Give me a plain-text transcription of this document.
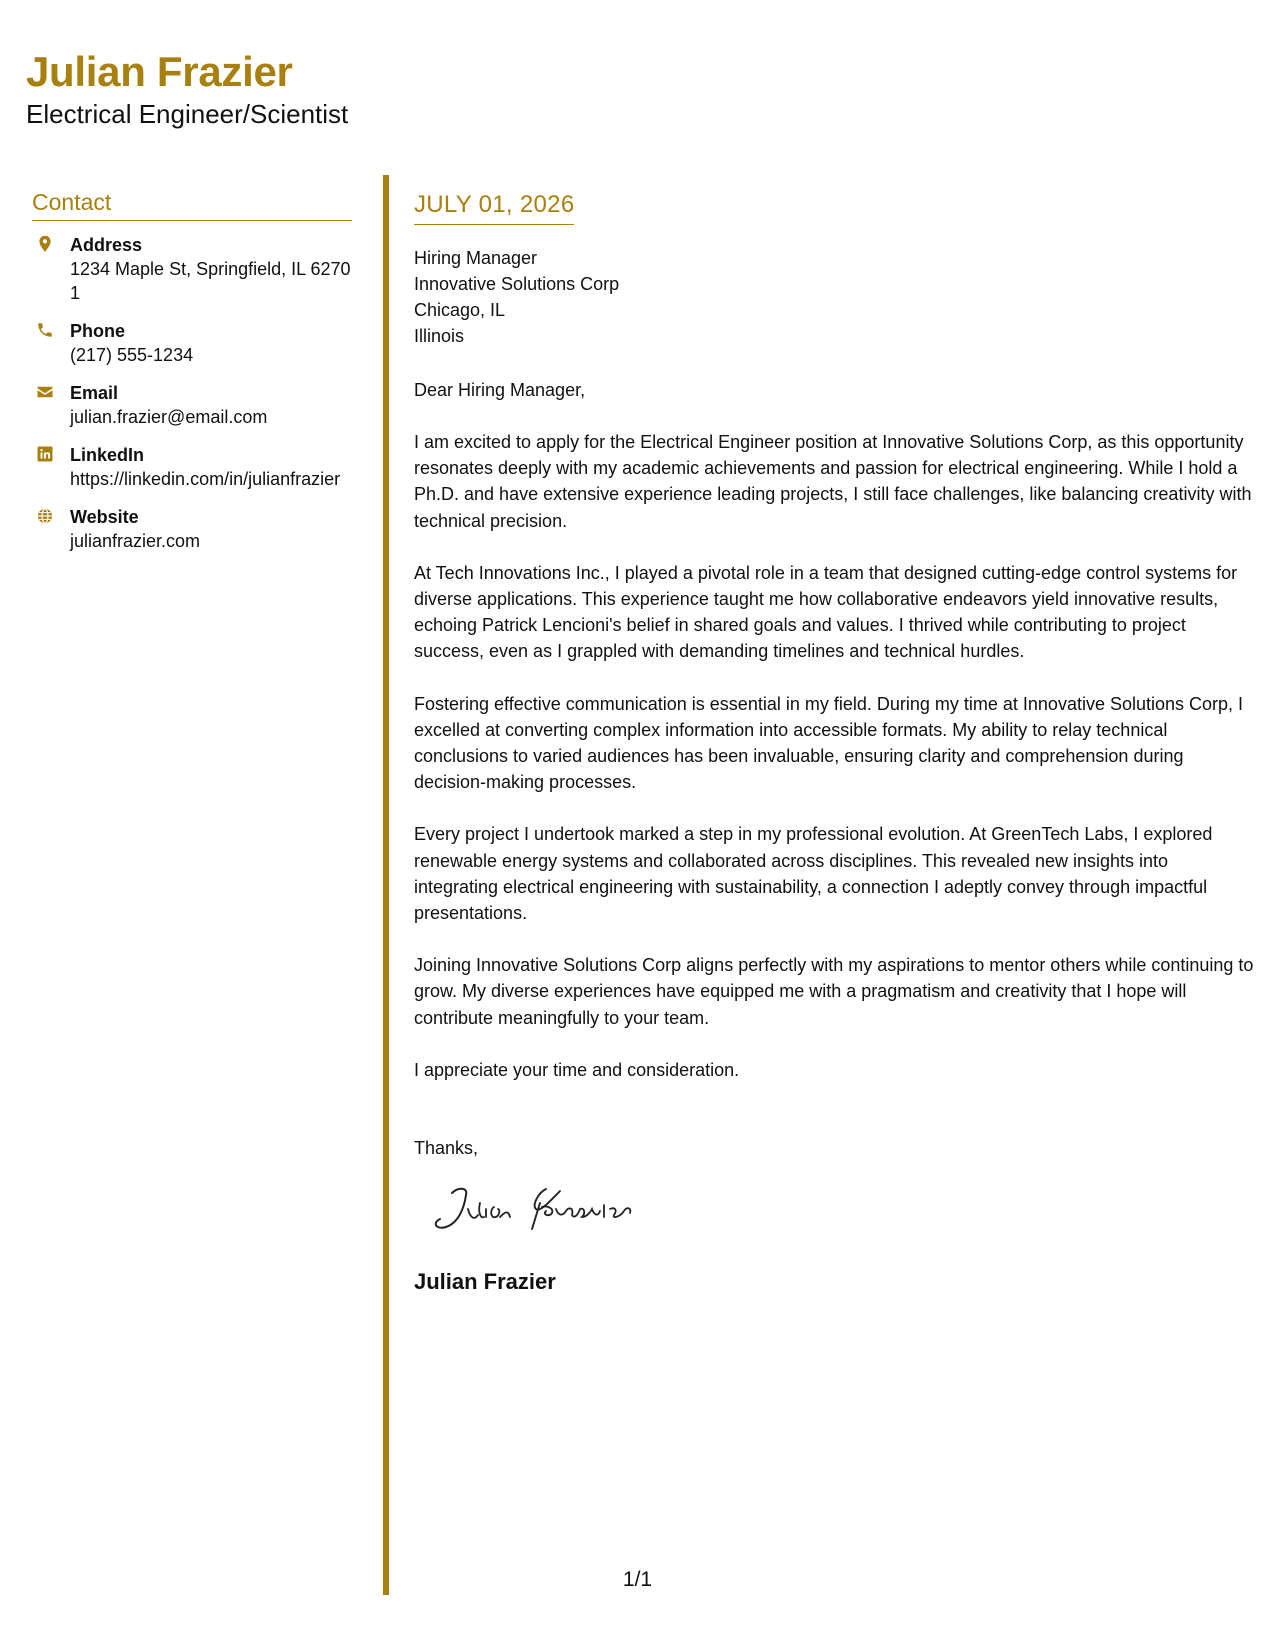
Julian Frazier
Electrical Engineer/Scientist
Contact
Address
1234 Maple St, Springfield, IL 62701
Phone
(217) 555-1234
Email
julian.frazier@email.com
LinkedIn
https://linkedin.com/in/julianfrazier
Website
julianfrazier.com
JULY 01, 2026
Hiring Manager
Innovative Solutions Corp
Chicago, IL
Illinois
Dear Hiring Manager,
I am excited to apply for the Electrical Engineer position at Innovative Solutions Corp, as this opportunity resonates deeply with my academic achievements and passion for electrical engineering. While I hold a Ph.D. and have extensive experience leading projects, I still face challenges, like balancing creativity with technical precision.
At Tech Innovations Inc., I played a pivotal role in a team that designed cutting-edge control systems for diverse applications. This experience taught me how collaborative endeavors yield innovative results, echoing Patrick Lencioni's belief in shared goals and values. I thrived while contributing to project success, even as I grappled with demanding timelines and technical hurdles.
Fostering effective communication is essential in my field. During my time at Innovative Solutions Corp, I excelled at converting complex information into accessible formats. My ability to relay technical conclusions to varied audiences has been invaluable, ensuring clarity and comprehension during decision-making processes.
Every project I undertook marked a step in my professional evolution. At GreenTech Labs, I explored renewable energy systems and collaborated across disciplines. This revealed new insights into integrating electrical engineering with sustainability, a connection I adeptly convey through impactful presentations.
Joining Innovative Solutions Corp aligns perfectly with my aspirations to mentor others while continuing to grow. My diverse experiences have equipped me with a pragmatism and creativity that I hope will contribute meaningfully to your team.
I appreciate your time and consideration.
Thanks,
Julian Frazier
1/1
